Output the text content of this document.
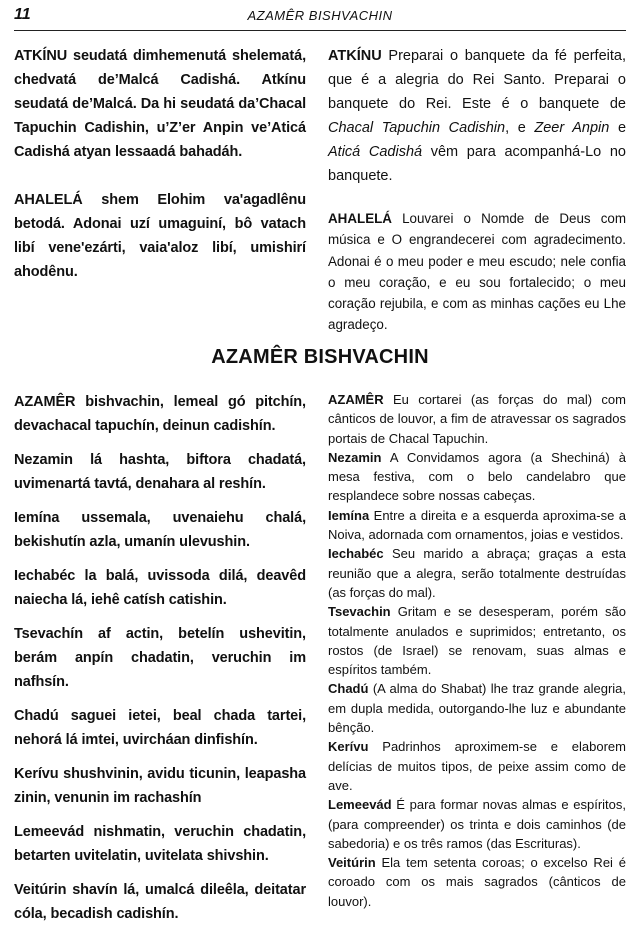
11	AZAMÊR BISHVACHIN

ATKÍNU seudatá dimhemenutá shelematá, chedvatá de’Malcá Cadishá. Atkínu seudatá de’Malcá. Da hi seudatá da’Chacal Tapuchin Cadishin, u’Z’er Anpin ve’Aticá Cadishá atyan lessaadá bahadáh.

AHALELÁ shem Elohim va'agadlênu betodá. Adonai uzí umaguiní, bô vatach libí vene'ezárti, vaia'aloz libí, umishirí ahodênu.

ATKÍNU Preparai o banquete da fé perfeita, que é a alegria do Rei Santo. Preparai o banquete do Rei. Este é o banquete de Chacal Tapuchin Cadishin, e Zeer Anpin e Aticá Cadishá vêm para acompanhá-Lo no banquete.

AHALELÁ Louvarei o Nomde de Deus com música e O engrandecerei com agradecimento. Adonai é o meu poder e meu escudo; nele confia o meu coração, e eu sou fortalecido; o meu coração rejubila, e com as minhas cações eu Lhe agradeço.

AZAMÊR BISHVACHIN

AZAMÊR bishvachin, lemeal gó pitchín, devachacal tapuchín, deinun cadishín.

Nezamin lá hashta, biftora chadatá, uvimenartá tavtá, denahara al reshín.

Iemína ussemala, uvenaiehu chalá, bekishutín azla, umanín ulevushin.

Iechabéc la balá, uvissoda dilá, deavêd naiecha lá, iehê catísh catishin.

Tsevachín af actin, betelín ushevitin, berám anpín chadatin, veruchin im nafhsín.

Chadú saguei ietei, beal chada tartei, nehorá lá imtei, uvircháan dinfishín.

Kerívu shushvinin, avidu ticunin, leapasha zinin, venunin im rachashín

Lemeevád nishmatin, veruchin chadatin, betarten uvitelatin, uvitelata shivshin.

Veitúrin shavín lá, umalcá dileêla, deitatar cóla, becadish cadishín.

AZAMÊR Eu cortarei (as forças do mal) com cânticos de louvor, a fim de atravessar os sagrados portais de Chacal Tapuchin.

Nezamin A Convidamos agora (a Shechiná) à mesa festiva, com o belo candelabro que resplandece sobre nossas cabeças.

Iemína Entre a direita e a esquerda aproxima-se a Noiva, adornada com ornamentos, joias e vestidos.

Iechabéc Seu marido a abraça; graças a esta reunião que a alegra, serão totalmente destruídas (as forças do mal).

Tsevachin Gritam e se desesperam, porém são totalmente anulados e suprimidos; entretanto, os rostos (de Israel) se renovam, suas almas e espíritos também.

Chadú (A alma do Shabat) lhe traz grande alegria, em dupla medida, outorgando-lhe luz e abundante bênção.

Kerívu Padrinhos aproximem-se e elaborem delícias de muitos tipos, de peixe assim como de ave.

Lemeevád É para formar novas almas e espíritos, (para compreender) os trinta e dois caminhos (de sabedoria) e os três ramos (das Escrituras).

Veitúrin Ela tem setenta coroas; o excelso Rei é coroado com os mais sagrados (cânticos de louvor).
